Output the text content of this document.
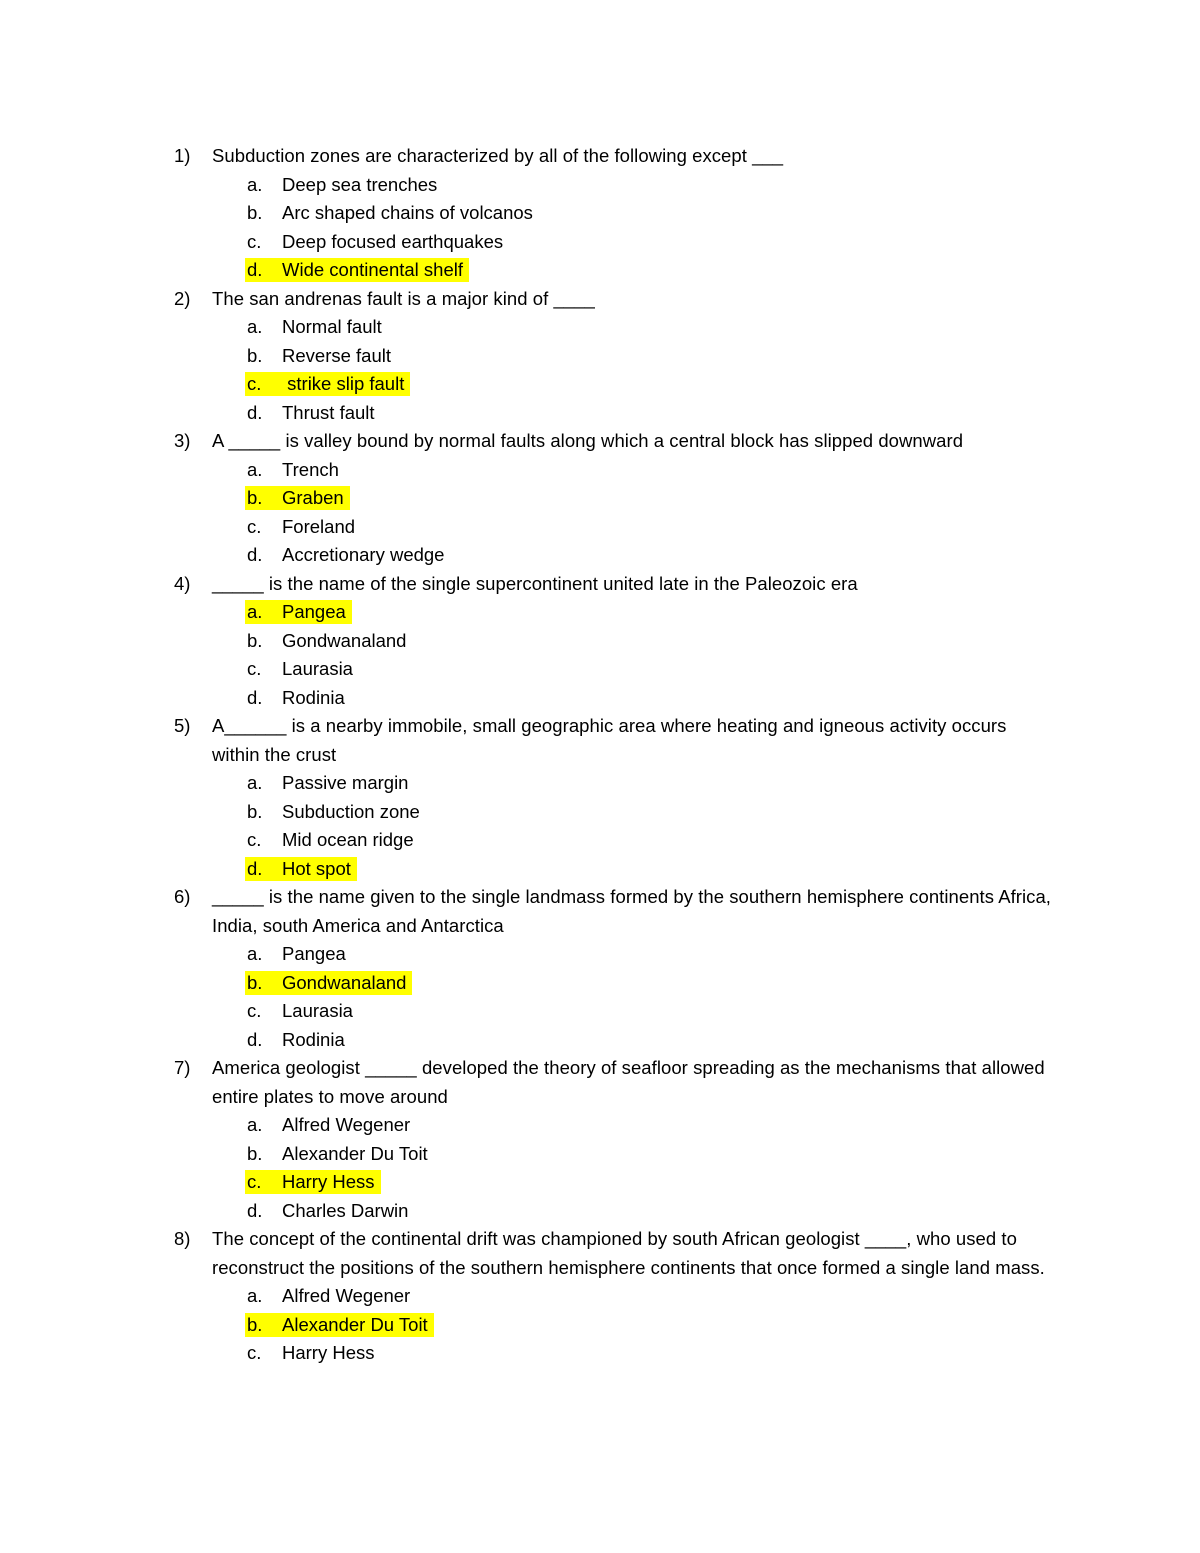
1) Subduction zones are characterized by all of the following except ___
a. Deep sea trenches
b. Arc shaped chains of volcanos
c. Deep focused earthquakes
d. Wide continental shelf
2) The san andrenas fault is a major kind of ____
a. Normal fault
b. Reverse fault
c. strike slip fault
d. Thrust fault
3) A _____ is valley bound by normal faults along which a central block has slipped downward
a. Trench
b. Graben
c. Foreland
d. Accretionary wedge
4) _____ is the name of the single supercontinent united late in the Paleozoic era
a. Pangea
b. Gondwanaland
c. Laurasia
d. Rodinia
5) A______ is a nearby immobile, small geographic area where heating and igneous activity occurs within the crust
a. Passive margin
b. Subduction zone
c. Mid ocean ridge
d. Hot spot
6) _____ is the name given to the single landmass formed by the southern hemisphere continents Africa, India, south America and Antarctica
a. Pangea
b. Gondwanaland
c. Laurasia
d. Rodinia
7) America geologist _____ developed the theory of seafloor spreading as the mechanisms that allowed entire plates to move around
a. Alfred Wegener
b. Alexander Du Toit
c. Harry Hess
d. Charles Darwin
8) The concept of the continental drift was championed by south African geologist ____, who used to reconstruct the positions of the southern hemisphere continents that once formed a single land mass.
a. Alfred Wegener
b. Alexander Du Toit
c. Harry Hess
